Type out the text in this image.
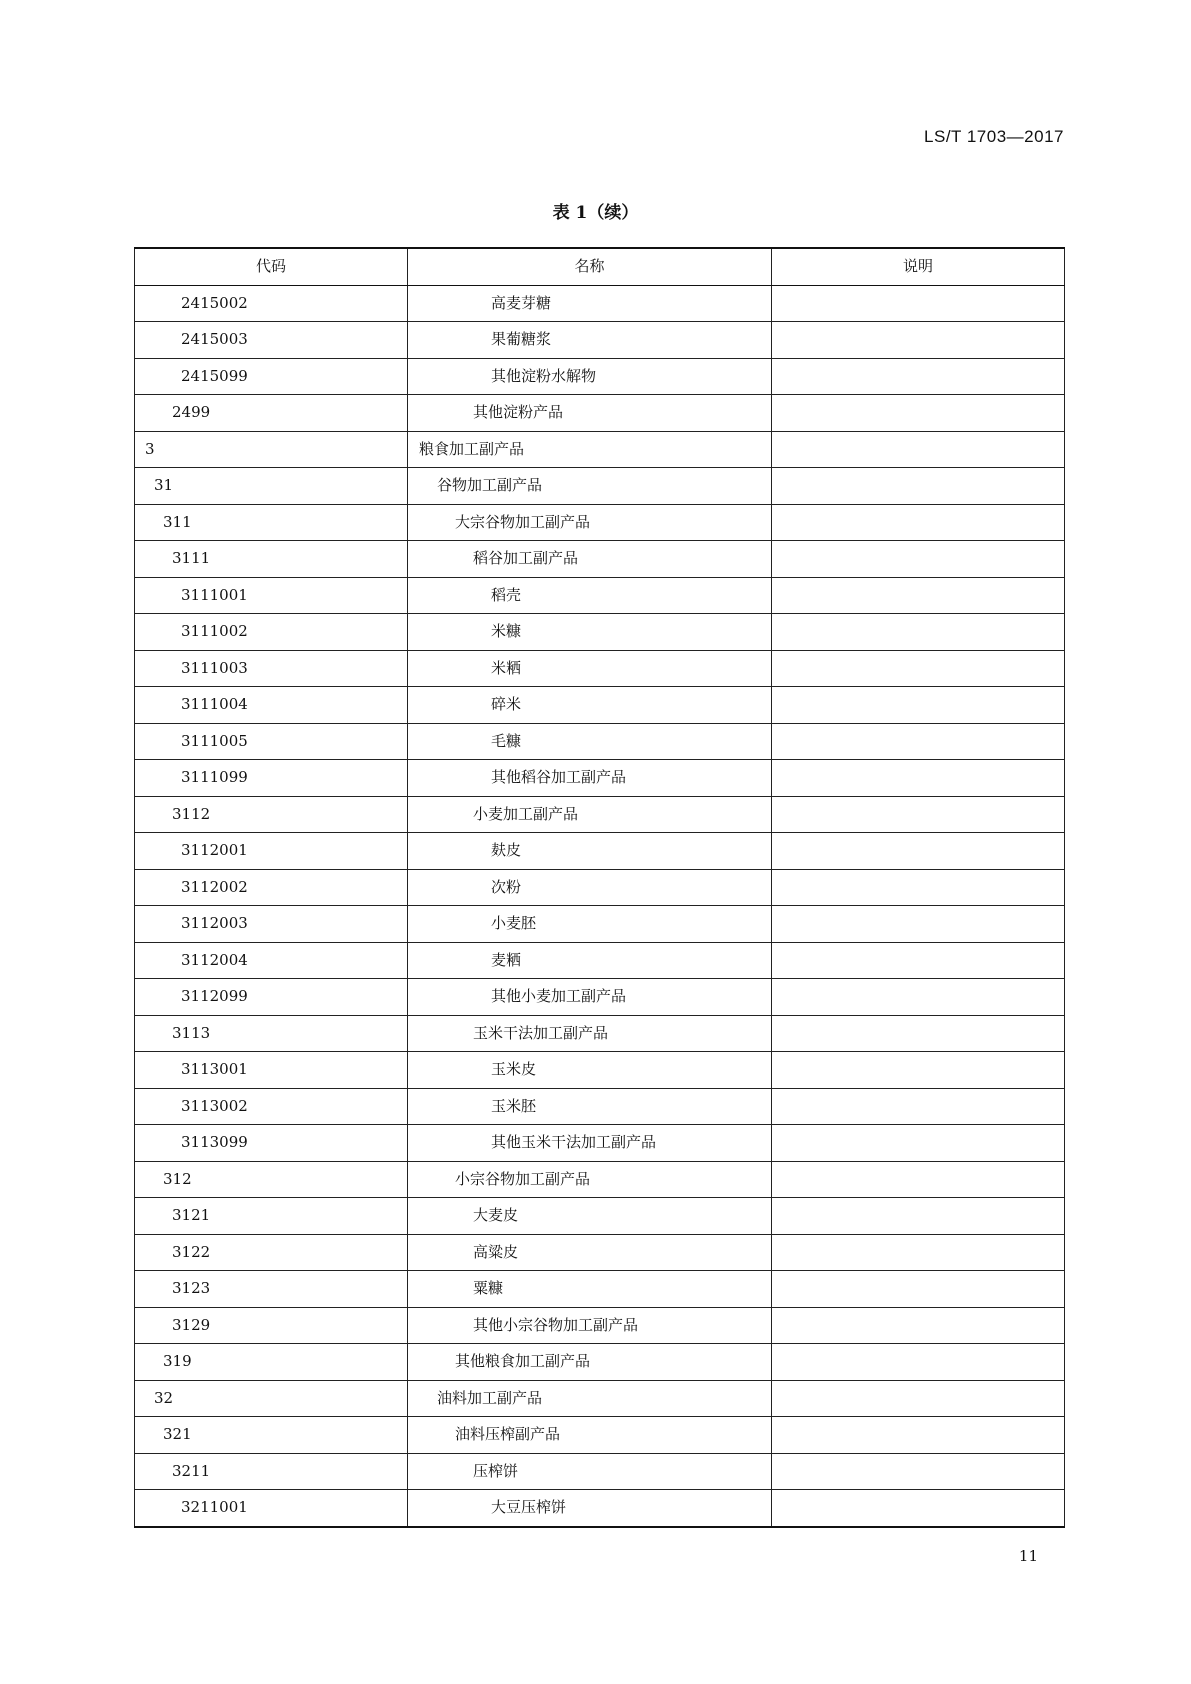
LS/T 1703—2017
表 1（续）
代码	名称	说明
2415002	高麦芽糖	
2415003	果葡糖浆	
2415099	其他淀粉水解物	
2499	其他淀粉产品	
3	粮食加工副产品	
31	谷物加工副产品	
311	大宗谷物加工副产品	
3111	稻谷加工副产品	
3111001	稻壳	
3111002	米糠	
3111003	米粞	
3111004	碎米	
3111005	毛糠	
3111099	其他稻谷加工副产品	
3112	小麦加工副产品	
3112001	麸皮	
3112002	次粉	
3112003	小麦胚	
3112004	麦粞	
3112099	其他小麦加工副产品	
3113	玉米干法加工副产品	
3113001	玉米皮	
3113002	玉米胚	
3113099	其他玉米干法加工副产品	
312	小宗谷物加工副产品	
3121	大麦皮	
3122	高粱皮	
3123	粟糠	
3129	其他小宗谷物加工副产品	
319	其他粮食加工副产品	
32	油料加工副产品	
321	油料压榨副产品	
3211	压榨饼	
3211001	大豆压榨饼	
11
